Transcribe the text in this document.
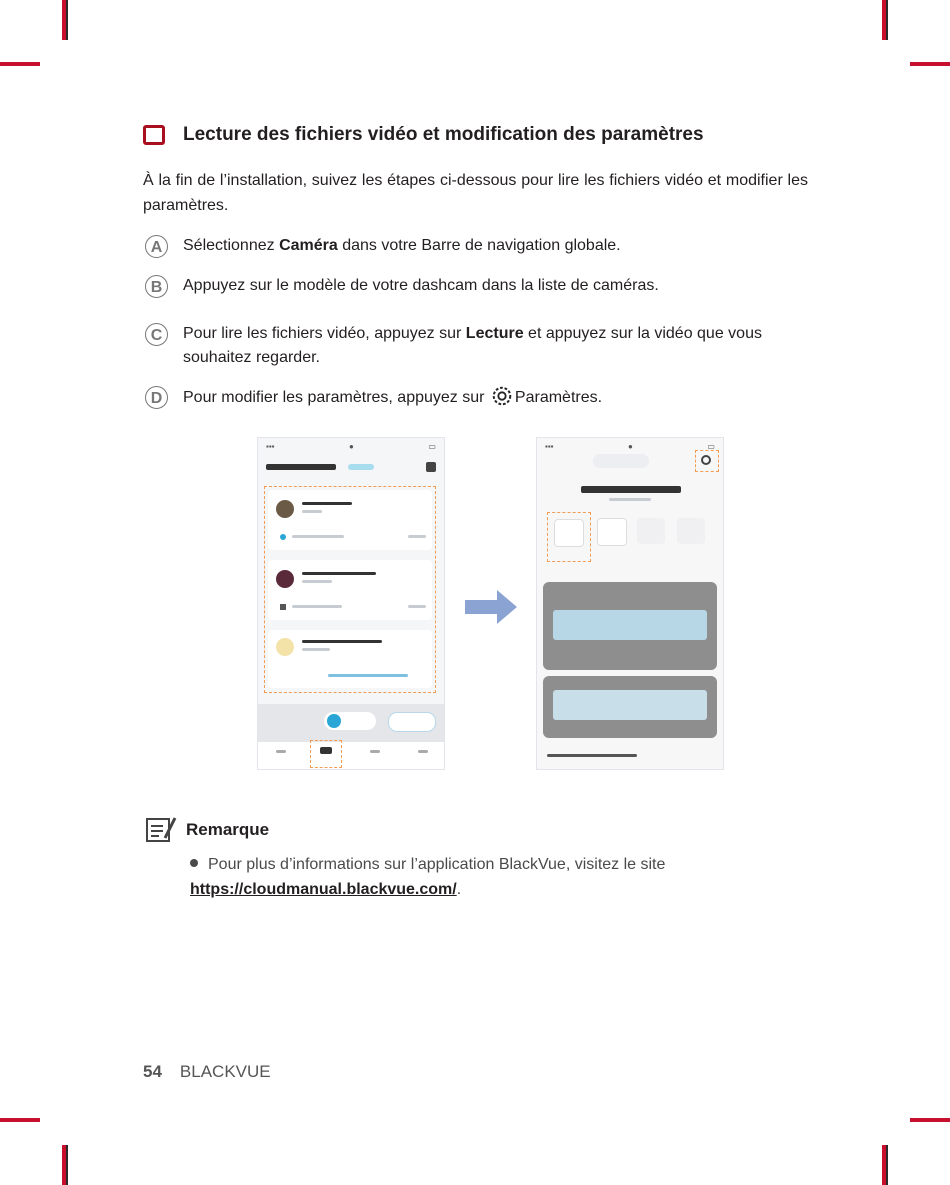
Lecture des fichiers vidéo et modification des paramètres
À la fin de l’installation, suivez les étapes ci-dessous pour lire les fichiers vidéo et modifier les paramètres.
A	Sélectionnez Caméra dans votre Barre de navigation globale.
B	Appuyez sur le modèle de votre dashcam dans la liste de caméras.
C	Pour lire les fichiers vidéo, appuyez sur Lecture et appuyez sur la vidéo que vous souhaitez regarder.
D	Pour modifier les paramètres, appuyez sur Paramètres.
▪▪▪	●	▭	▪▪▪	●	▭
Remarque
Pour plus d’informations sur l’application BlackVue, visitez le site
https://cloudmanual.blackvue.com/.
54 BLACKVUE
